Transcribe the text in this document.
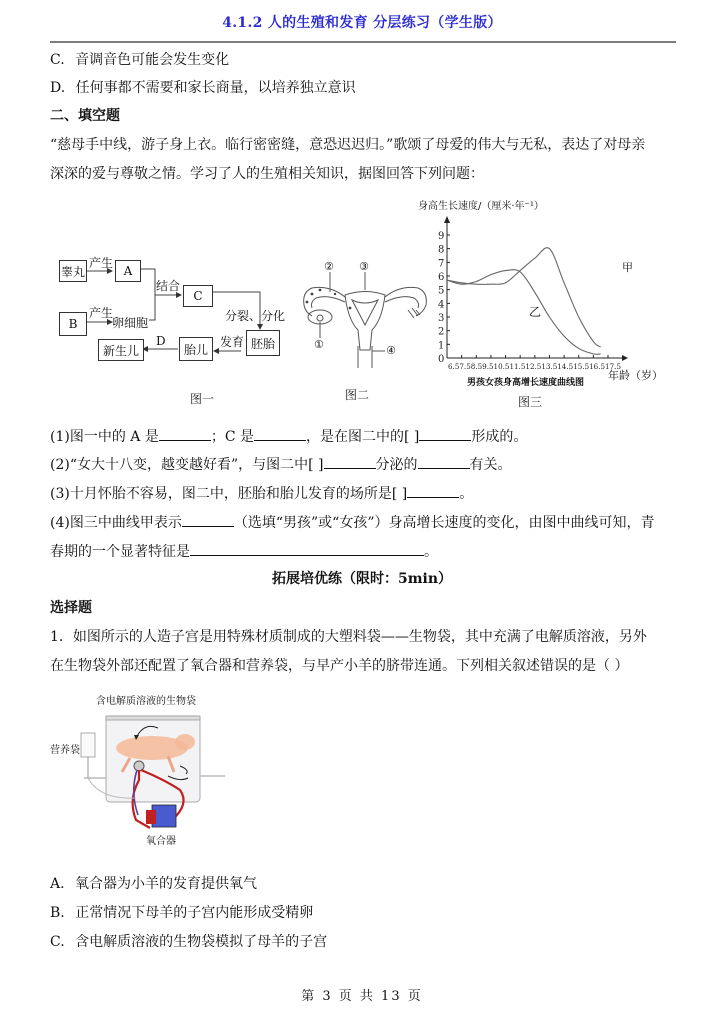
4.1.2 人的生殖和发育 分层练习（学生版）
C. 音调音色可能会发生变化
D. 任何事都不需要和家长商量，以培养独立意识
二、填空题
“慈母手中线，游子身上衣。临行密密缝，意恐迟迟归。”歌颂了母爱的伟大与无私，表达了对母亲
深深的爱与尊敬之情。学习了人的生殖相关知识，据图回答下列问题：
睾丸	A
B
C
胚胎
胎儿
新生儿
产生
产生
卵细胞
结合
分裂、分化
发育
D
图一
② ③
①	④
图二
身高生长速度/（厘米·年⁻¹）
0
1
2
3
4
5
6
7
8
9
6.57.58.59.510.511.512.513.514.515.516.517.5
甲
乙
年龄（岁）
男孩女孩身高增长速度曲线图
图三
(1)图一中的 A 是	；C 是	，是在图二中的[ ]	形成的。
(2)“女大十八变，越变越好看”，与图二中[ ]	分泌的	有关。
(3)十月怀胎不容易，图二中，胚胎和胎儿发育的场所是[ ]	。
(4)图三中曲线甲表示	（选填“男孩”或“女孩”）身高增长速度的变化，由图中曲线可知，青
春期的一个显著特征是	。
拓展培优练（限时：5min）
选择题
1．如图所示的人造子宫是用特殊材质制成的大塑料袋——生物袋，其中充满了电解质溶液，另外
在生物袋外部还配置了氧合器和营养袋，与早产小羊的脐带连通。下列相关叙述错误的是（ ）
含电解质溶液的生物袋
营养袋
氧合器
A. 氧合器为小羊的发育提供氧气
B. 正常情况下母羊的子宫内能形成受精卵
C. 含电解质溶液的生物袋模拟了母羊的子宫
第 3 页 共 13 页
